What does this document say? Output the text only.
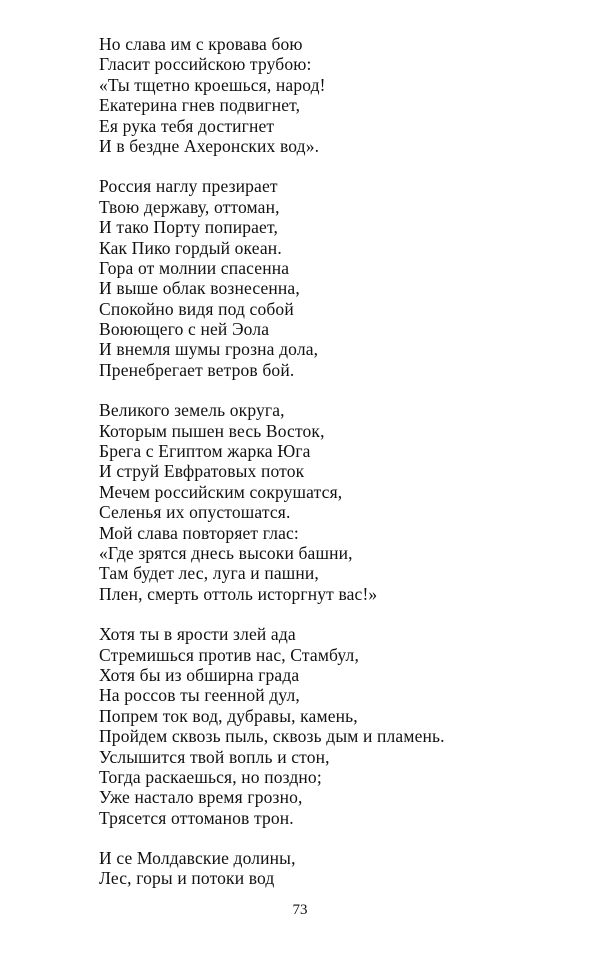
Но слава им с кровава бою
Гласит российскою трубою:
«Ты тщетно кроешься, народ!
Екатерина гнев подвигнет,
Ея рука тебя достигнет
И в бездне Ахеронских вод».
Россия наглу презирает
Твою державу, оттоман,
И тако Порту попирает,
Как Пико гордый океан.
Гора от молнии спасенна
И выше облак вознесенна,
Спокойно видя под собой
Воюющего с ней Эола
И внемля шумы грозна дола,
Пренебрегает ветров бой.
Великого земель округа,
Которым пышен весь Восток,
Брега с Египтом жарка Юга
И струй Евфратовых поток
Мечем российским сокрушатся,
Селенья их опустошатся.
Мой слава повторяет глас:
«Где зрятся днесь высоки башни,
Там будет лес, луга и пашни,
Плен, смерть оттоль исторгнут вас!»
Хотя ты в ярости злей ада
Стремишься против нас, Стамбул,
Хотя бы из обширна града
На россов ты геенной дул,
Попрем ток вод, дубравы, камень,
Пройдем сквозь пыль, сквозь дым и пламень.
Услышится твой вопль и стон,
Тогда раскаешься, но поздно;
Уже настало время грозно,
Трясется оттоманов трон.
И се Молдавские долины,
Лес, горы и потоки вод
73
